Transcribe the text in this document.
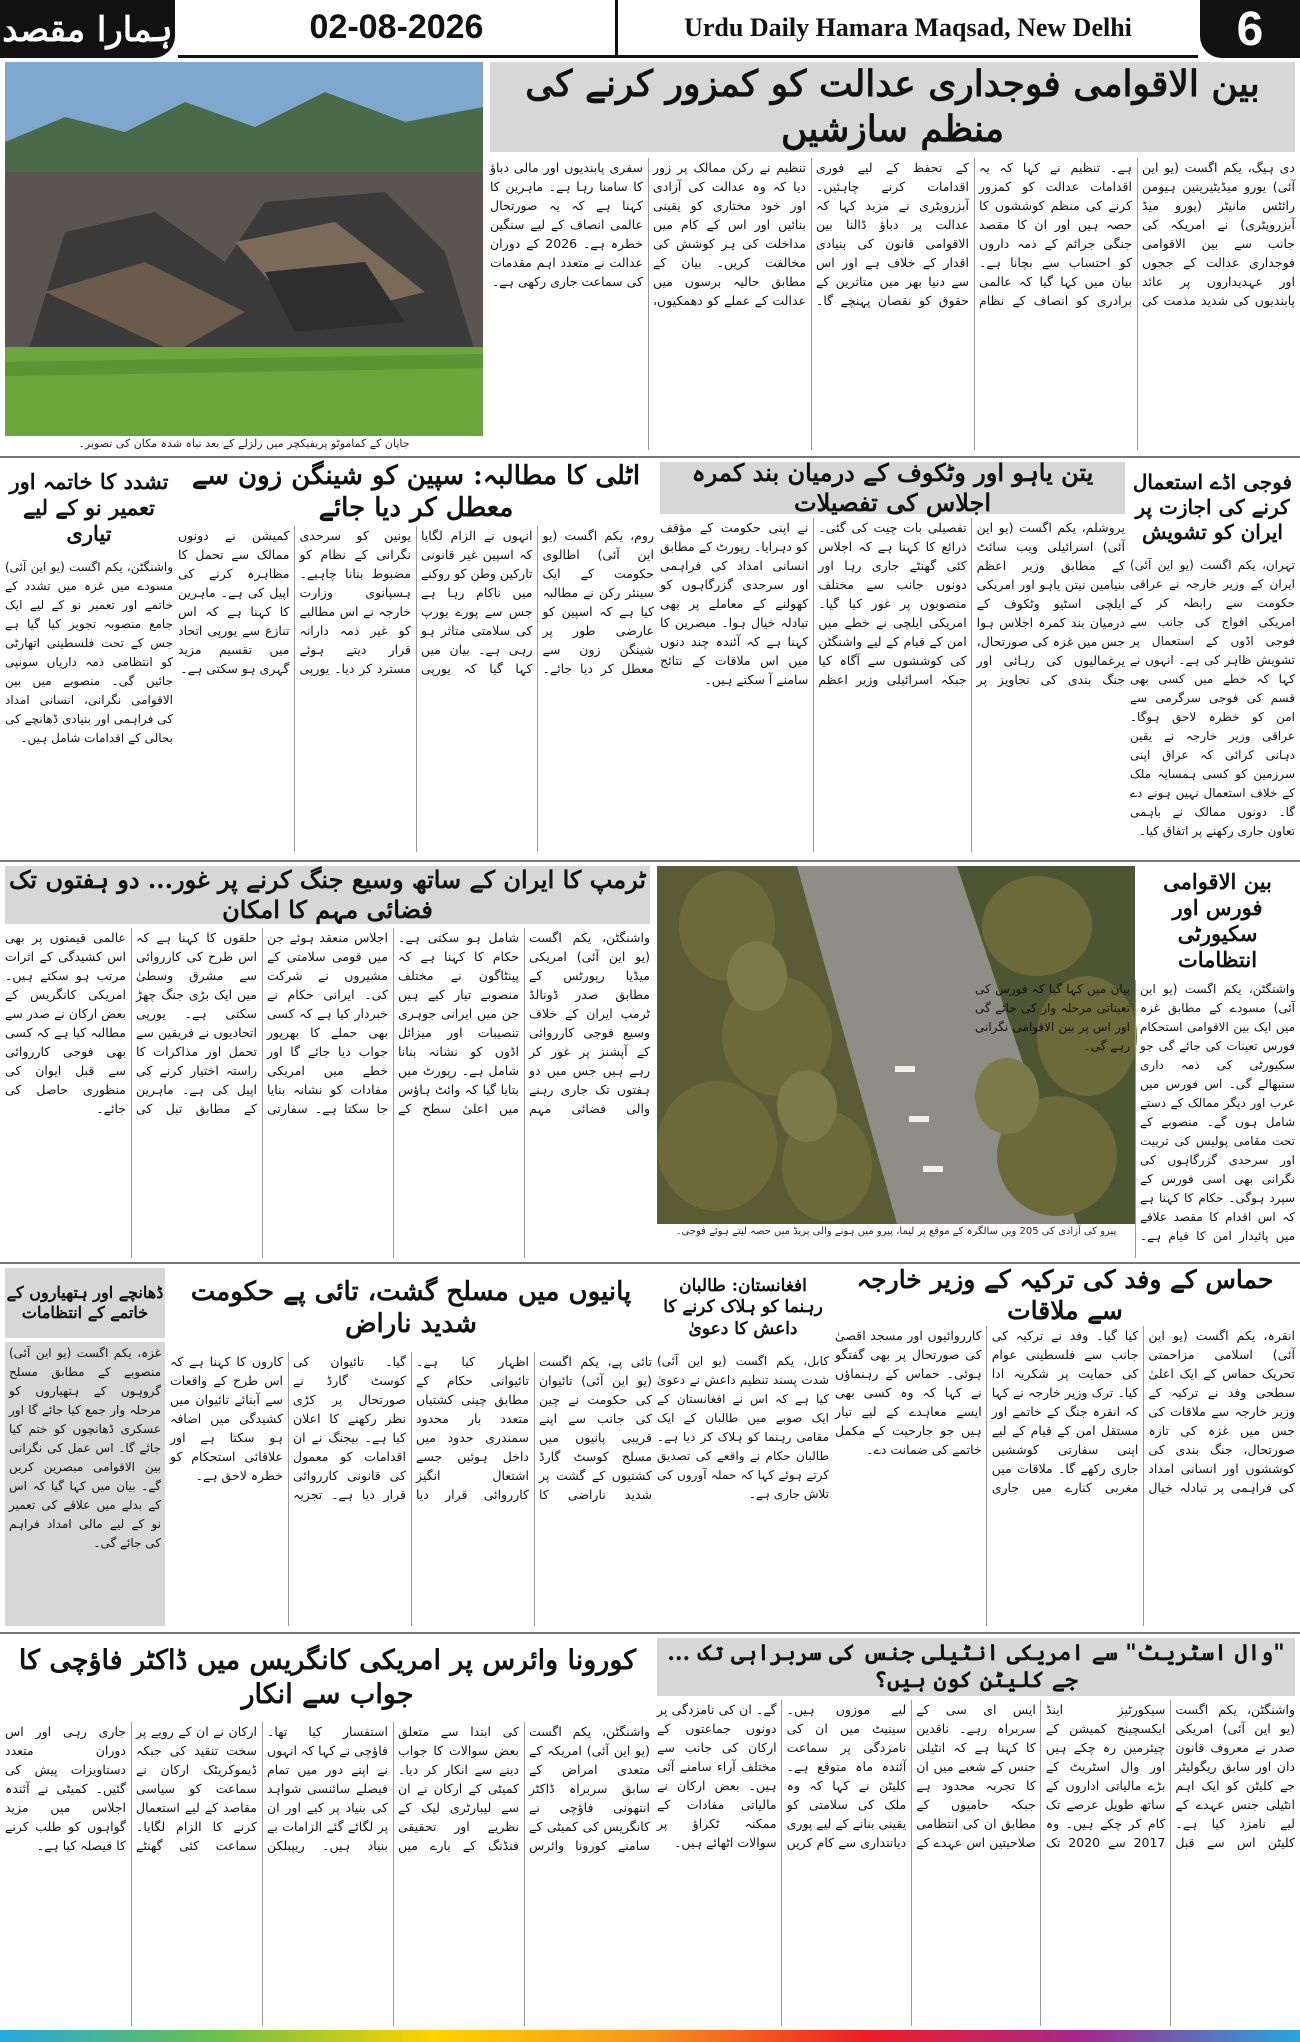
ہمارا مقصد	02-08-2026	Urdu Daily Hamara Maqsad, New Delhi	6
جاپان کے کماموٹو پریفیکچر میں زلزلے کے بعد تباہ شدہ مکان کی تصویر۔
بین الاقوامی فوجداری عدالت کو کمزور کرنے کی منظم سازشیں
دی ہیگ، یکم اگست (یو این آئی) یورو میڈیٹیرینین ہیومن رائٹس مانیٹر (یورو میڈ آبزرویٹری) نے امریکہ کی جانب سے بین الاقوامی فوجداری عدالت کے ججوں اور عہدیداروں پر عائد پابندیوں کی شدید مذمت کی ہے۔ تنظیم نے کہا کہ یہ اقدامات عدالت کو کمزور کرنے کی منظم کوششوں کا حصہ ہیں اور ان کا مقصد جنگی جرائم کے ذمہ داروں کو احتساب سے بچانا ہے۔ بیان میں کہا گیا کہ عالمی برادری کو انصاف کے نظام کے تحفظ کے لیے فوری اقدامات کرنے چاہئیں۔ آبزرویٹری نے مزید کہا کہ عدالت پر دباؤ ڈالنا بین الاقوامی قانون کی بنیادی اقدار کے خلاف ہے اور اس سے دنیا بھر میں متاثرین کے حقوق کو نقصان پہنچے گا۔ تنظیم نے رکن ممالک پر زور دیا کہ وہ عدالت کی آزادی اور خود مختاری کو یقینی بنائیں اور اس کے کام میں مداخلت کی ہر کوشش کی مخالفت کریں۔ بیان کے مطابق حالیہ برسوں میں عدالت کے عملے کو دھمکیوں، سفری پابندیوں اور مالی دباؤ کا سامنا رہا ہے۔ ماہرین کا کہنا ہے کہ یہ صورتحال عالمی انصاف کے لیے سنگین خطرہ ہے۔ 2026 کے دوران عدالت نے متعدد اہم مقدمات کی سماعت جاری رکھی ہے۔
فوجی اڈے استعمال کرنے کی اجازت پر ایران کو تشویش
تہران، یکم اگست (یو این آئی) ایران کے وزیر خارجہ نے عراقی حکومت سے رابطہ کر کے امریکی افواج کی جانب سے فوجی اڈوں کے استعمال پر تشویش ظاہر کی ہے۔ انہوں نے کہا کہ خطے میں کسی بھی قسم کی فوجی سرگرمی سے امن کو خطرہ لاحق ہوگا۔ عراقی وزیر خارجہ نے یقین دہانی کرائی کہ عراق اپنی سرزمین کو کسی ہمسایہ ملک کے خلاف استعمال نہیں ہونے دے گا۔ دونوں ممالک نے باہمی تعاون جاری رکھنے پر اتفاق کیا۔
یتن یاہو اور وٹکوف کے درمیان بند کمرہ اجلاس کی تفصیلات
یروشلم، یکم اگست (یو این آئی) اسرائیلی ویب سائٹ کے مطابق وزیر اعظم بنیامین نیتن یاہو اور امریکی ایلچی اسٹیو وٹکوف کے درمیان بند کمرہ اجلاس ہوا جس میں غزہ کی صورتحال، یرغمالیوں کی رہائی اور جنگ بندی کی تجاویز پر تفصیلی بات چیت کی گئی۔ ذرائع کا کہنا ہے کہ اجلاس کئی گھنٹے جاری رہا اور دونوں جانب سے مختلف منصوبوں پر غور کیا گیا۔ امریکی ایلچی نے خطے میں امن کے قیام کے لیے واشنگٹن کی کوششوں سے آگاہ کیا جبکہ اسرائیلی وزیر اعظم نے اپنی حکومت کے مؤقف کو دہرایا۔ رپورٹ کے مطابق انسانی امداد کی فراہمی اور سرحدی گزرگاہوں کو کھولنے کے معاملے پر بھی تبادلہ خیال ہوا۔ مبصرین کا کہنا ہے کہ آئندہ چند دنوں میں اس ملاقات کے نتائج سامنے آ سکتے ہیں۔
اٹلی کا مطالبہ: سپین کو شینگن زون سے معطل کر دیا جائے
روم، یکم اگست (یو این آئی) اطالوی حکومت کے ایک سینئر رکن نے مطالبہ کیا ہے کہ اسپین کو عارضی طور پر شینگن زون سے معطل کر دیا جائے۔ انہوں نے الزام لگایا کہ اسپین غیر قانونی تارکین وطن کو روکنے میں ناکام رہا ہے جس سے پورے یورپ کی سلامتی متاثر ہو رہی ہے۔ بیان میں کہا گیا کہ یورپی یونین کو سرحدی نگرانی کے نظام کو مضبوط بنانا چاہیے۔ ہسپانوی وزارت خارجہ نے اس مطالبے کو غیر ذمہ دارانہ قرار دیتے ہوئے مسترد کر دیا۔ یورپی کمیشن نے دونوں ممالک سے تحمل کا مظاہرہ کرنے کی اپیل کی ہے۔ ماہرین کا کہنا ہے کہ اس تنازع سے یورپی اتحاد میں تقسیم مزید گہری ہو سکتی ہے۔
تشدد کا خاتمہ اور تعمیر نو کے لیے تیاری
واشنگٹن، یکم اگست (یو این آئی) مسودے میں غزہ میں تشدد کے خاتمے اور تعمیر نو کے لیے ایک جامع منصوبہ تجویز کیا گیا ہے جس کے تحت فلسطینی اتھارٹی کو انتظامی ذمہ داریاں سونپی جائیں گی۔ منصوبے میں بین الاقوامی نگرانی، انسانی امداد کی فراہمی اور بنیادی ڈھانچے کی بحالی کے اقدامات شامل ہیں۔
ٹرمپ کا ایران کے ساتھ وسیع جنگ کرنے پر غور... دو ہفتوں تک فضائی مہم کا امکان
واشنگٹن، یکم اگست (یو این آئی) امریکی میڈیا رپورٹس کے مطابق صدر ڈونالڈ ٹرمپ ایران کے خلاف وسیع فوجی کارروائی کے آپشنز پر غور کر رہے ہیں جس میں دو ہفتوں تک جاری رہنے والی فضائی مہم شامل ہو سکتی ہے۔ حکام کا کہنا ہے کہ پینٹاگون نے مختلف منصوبے تیار کیے ہیں جن میں ایرانی جوہری تنصیبات اور میزائل اڈوں کو نشانہ بنانا شامل ہے۔ رپورٹ میں بتایا گیا کہ وائٹ ہاؤس میں اعلیٰ سطح کے اجلاس منعقد ہوئے جن میں قومی سلامتی کے مشیروں نے شرکت کی۔ ایرانی حکام نے خبردار کیا ہے کہ کسی بھی حملے کا بھرپور جواب دیا جائے گا اور خطے میں امریکی مفادات کو نشانہ بنایا جا سکتا ہے۔ سفارتی حلقوں کا کہنا ہے کہ اس طرح کی کارروائی سے مشرق وسطیٰ میں ایک بڑی جنگ چھڑ سکتی ہے۔ یورپی اتحادیوں نے فریقین سے تحمل اور مذاکرات کا راستہ اختیار کرنے کی اپیل کی ہے۔ ماہرین کے مطابق تیل کی عالمی قیمتوں پر بھی اس کشیدگی کے اثرات مرتب ہو سکتے ہیں۔ امریکی کانگریس کے بعض ارکان نے صدر سے مطالبہ کیا ہے کہ کسی بھی فوجی کارروائی سے قبل ایوان کی منظوری حاصل کی جائے۔
پیرو کی آزادی کی 205 ویں سالگرہ کے موقع پر لیما، پیرو میں ہونے والی پریڈ میں حصہ لیتے ہوئے فوجی۔
بین الاقوامی فورس اور سکیورٹی انتظامات
واشنگٹن، یکم اگست (یو این آئی) مسودے کے مطابق غزہ میں ایک بین الاقوامی استحکام فورس تعینات کی جائے گی جو سکیورٹی کی ذمہ داری سنبھالے گی۔ اس فورس میں عرب اور دیگر ممالک کے دستے شامل ہوں گے۔ منصوبے کے تحت مقامی پولیس کی تربیت اور سرحدی گزرگاہوں کی نگرانی بھی اسی فورس کے سپرد ہوگی۔ حکام کا کہنا ہے کہ اس اقدام کا مقصد علاقے میں پائیدار امن کا قیام ہے۔
حماس کے وفد کی ترکیہ کے وزیر خارجہ سے ملاقات
انقرہ، یکم اگست (یو این آئی) اسلامی مزاحمتی تحریک حماس کے ایک اعلیٰ سطحی وفد نے ترکیہ کے وزیر خارجہ سے ملاقات کی جس میں غزہ کی تازہ صورتحال، جنگ بندی کی کوششوں اور انسانی امداد کی فراہمی پر تبادلہ خیال کیا گیا۔ وفد نے ترکیہ کی جانب سے فلسطینی عوام کی حمایت پر شکریہ ادا کیا۔ ترک وزیر خارجہ نے کہا کہ انقرہ جنگ کے خاتمے اور مستقل امن کے قیام کے لیے اپنی سفارتی کوششیں جاری رکھے گا۔ ملاقات میں مغربی کنارے میں جاری کارروائیوں اور مسجد اقصیٰ کی صورتحال پر بھی گفتگو ہوئی۔ حماس کے رہنماؤں نے کہا کہ وہ کسی بھی ایسے معاہدے کے لیے تیار ہیں جو جارحیت کے مکمل خاتمے کی ضمانت دے۔
افغانستان: طالبان رہنما کو ہلاک کرنے کا داعش کا دعویٰ
کابل، یکم اگست (یو این آئی) شدت پسند تنظیم داعش نے دعویٰ کیا ہے کہ اس نے افغانستان کے ایک صوبے میں طالبان کے ایک مقامی رہنما کو ہلاک کر دیا ہے۔ طالبان حکام نے واقعے کی تصدیق کرتے ہوئے کہا کہ حملہ آوروں کی تلاش جاری ہے۔
پانیوں میں مسلح گشت، تائی پے حکومت شدید ناراض
تائی پے، یکم اگست (یو این آئی) تائیوان کی حکومت نے چین کی جانب سے اپنے قریبی پانیوں میں مسلح کوسٹ گارڈ کشتیوں کے گشت پر شدید ناراضی کا اظہار کیا ہے۔ تائیوانی حکام کے مطابق چینی کشتیاں متعدد بار محدود سمندری حدود میں داخل ہوئیں جسے اشتعال انگیز کارروائی قرار دیا گیا۔ تائیوان کی کوسٹ گارڈ نے صورتحال پر کڑی نظر رکھنے کا اعلان کیا ہے۔ بیجنگ نے ان اقدامات کو معمول کی قانونی کارروائی قرار دیا ہے۔ تجزیہ کاروں کا کہنا ہے کہ اس طرح کے واقعات سے آبنائے تائیوان میں کشیدگی میں اضافہ ہو سکتا ہے اور علاقائی استحکام کو خطرہ لاحق ہے۔
ڈھانچے اور ہتھیاروں کے خاتمے کے انتظامات
غزہ، یکم اگست (یو این آئی) منصوبے کے مطابق مسلح گروہوں کے ہتھیاروں کو مرحلہ وار جمع کیا جائے گا اور عسکری ڈھانچوں کو ختم کیا جائے گا۔ اس عمل کی نگرانی بین الاقوامی مبصرین کریں گے۔ بیان میں کہا گیا کہ اس کے بدلے میں علاقے کی تعمیر نو کے لیے مالی امداد فراہم کی جائے گی۔
"وال اسٹریٹ" سے امریکی انٹیلی جنس کی سربراہی تک ... جے کلیٹن کون ہیں؟
واشنگٹن، یکم اگست (یو این آئی) امریکی صدر نے معروف قانون دان اور سابق ریگولیٹر جے کلیٹن کو ایک اہم انٹیلی جنس عہدے کے لیے نامزد کیا ہے۔ کلیٹن اس سے قبل سیکورٹیز اینڈ ایکسچینج کمیشن کے چیئرمین رہ چکے ہیں اور وال اسٹریٹ کے بڑے مالیاتی اداروں کے ساتھ طویل عرصے تک کام کر چکے ہیں۔ وہ 2017 سے 2020 تک ایس ای سی کے سربراہ رہے۔ ناقدین کا کہنا ہے کہ انٹیلی جنس کے شعبے میں ان کا تجربہ محدود ہے جبکہ حامیوں کے مطابق ان کی انتظامی صلاحیتیں اس عہدے کے لیے موزوں ہیں۔ سینیٹ میں ان کی نامزدگی پر سماعت آئندہ ماہ متوقع ہے۔ کلیٹن نے کہا کہ وہ ملک کی سلامتی کو یقینی بنانے کے لیے پوری دیانتداری سے کام کریں گے۔ ان کی نامزدگی پر دونوں جماعتوں کے ارکان کی جانب سے مختلف آراء سامنے آئی ہیں۔ بعض ارکان نے مالیاتی مفادات کے ممکنہ ٹکراؤ پر سوالات اٹھائے ہیں۔
کورونا وائرس پر امریکی کانگریس میں ڈاکٹر فاؤچی کا جواب سے انکار
واشنگٹن، یکم اگست (یو این آئی) امریکہ کے متعدی امراض کے سابق سربراہ ڈاکٹر انتھونی فاؤچی نے کانگریس کی کمیٹی کے سامنے کورونا وائرس کی ابتدا سے متعلق بعض سوالات کا جواب دینے سے انکار کر دیا۔ کمیٹی کے ارکان نے ان سے لیبارٹری لیک کے نظریے اور تحقیقی فنڈنگ کے بارے میں استفسار کیا تھا۔ فاؤچی نے کہا کہ انہوں نے اپنے دور میں تمام فیصلے سائنسی شواہد کی بنیاد پر کیے اور ان پر لگائے گئے الزامات بے بنیاد ہیں۔ ریپبلکن ارکان نے ان کے رویے پر سخت تنقید کی جبکہ ڈیموکریٹک ارکان نے سماعت کو سیاسی مقاصد کے لیے استعمال کرنے کا الزام لگایا۔ سماعت کئی گھنٹے جاری رہی اور اس دوران متعدد دستاویزات پیش کی گئیں۔ کمیٹی نے آئندہ اجلاس میں مزید گواہوں کو طلب کرنے کا فیصلہ کیا ہے۔
